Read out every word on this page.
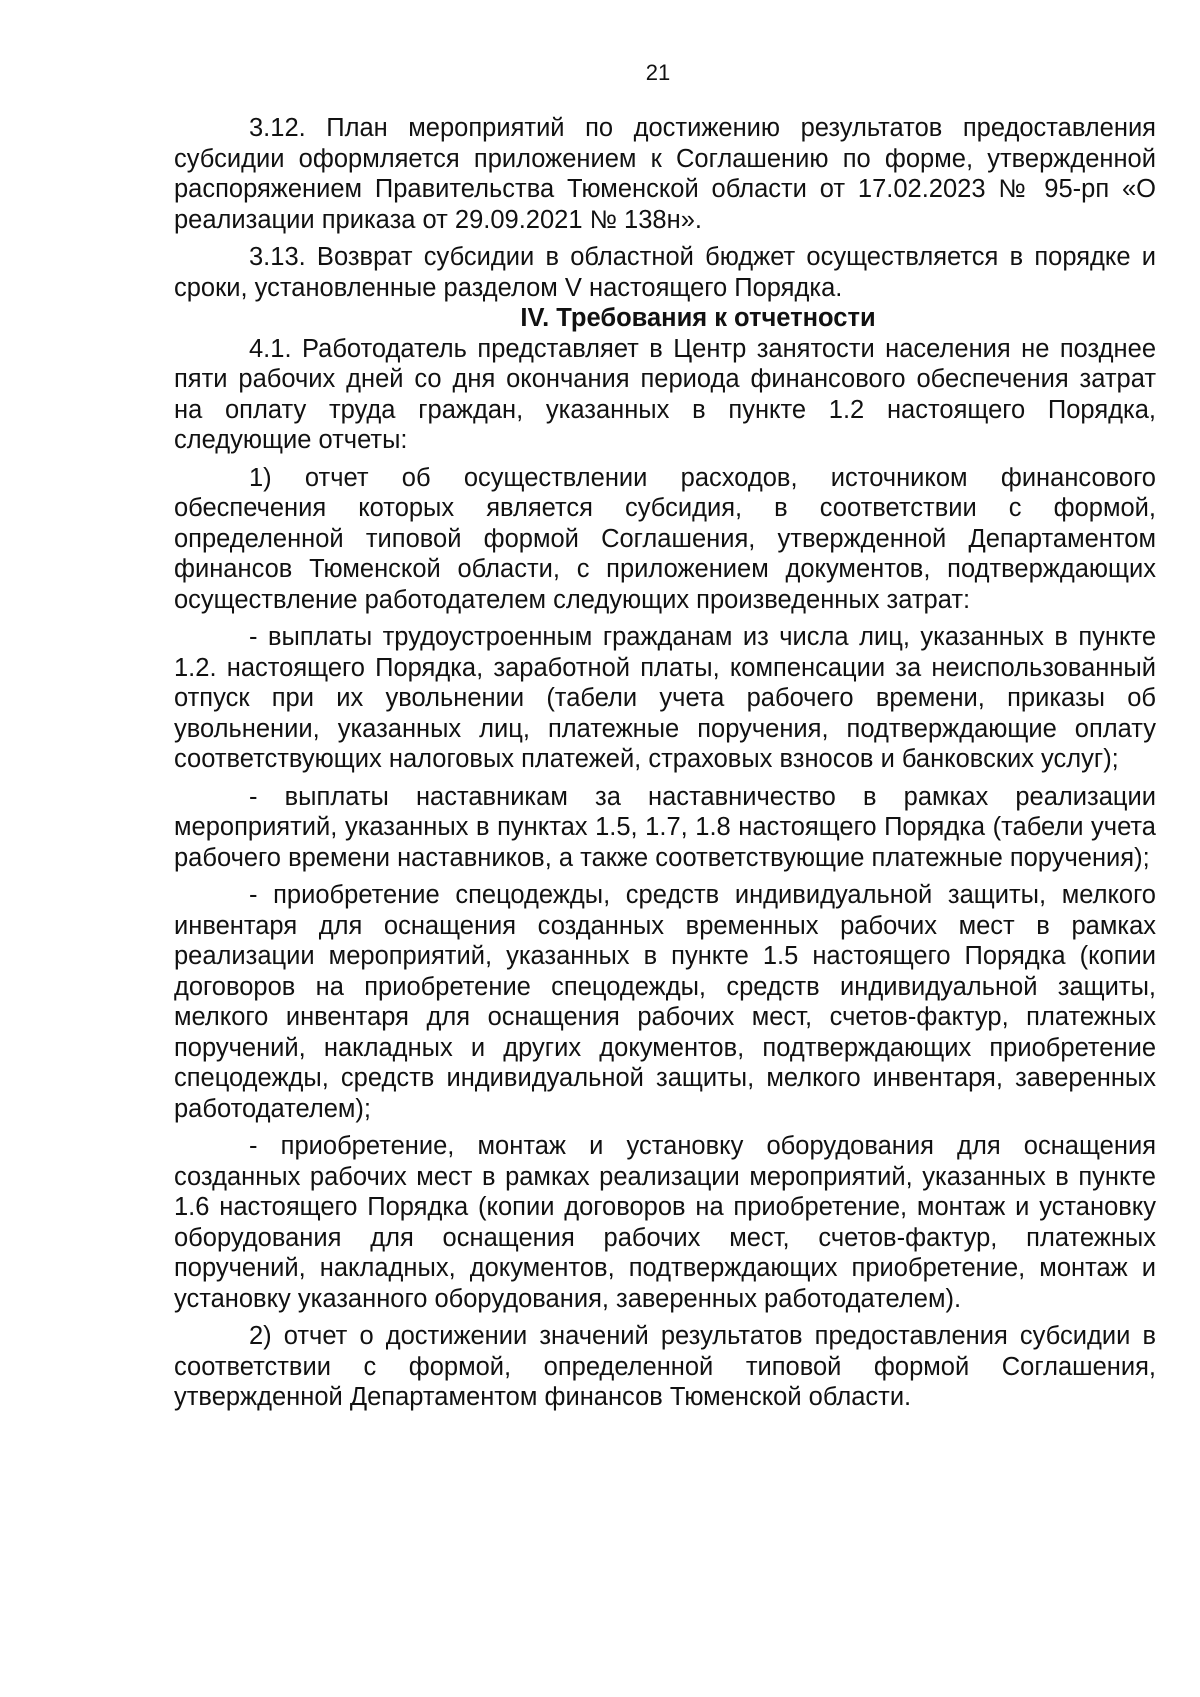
21

3.12. План мероприятий по достижению результатов предоставления субсидии оформляется приложением к Соглашению по форме, утвержденной распоряжением Правительства Тюменской области от 17.02.2023 № 95-рп «О реализации приказа от 29.09.2021 № 138н».

3.13. Возврат субсидии в областной бюджет осуществляется в порядке и сроки, установленные разделом V настоящего Порядка.

IV. Требования к отчетности

4.1. Работодатель представляет в Центр занятости населения не позднее пяти рабочих дней со дня окончания периода финансового обеспечения затрат на оплату труда граждан, указанных в пункте 1.2 настоящего Порядка, следующие отчеты:

1) отчет об осуществлении расходов, источником финансового обеспечения которых является субсидия, в соответствии с формой, определенной типовой формой Соглашения, утвержденной Департаментом финансов Тюменской области, с приложением документов, подтверждающих осуществление работодателем следующих произведенных затрат:

- выплаты трудоустроенным гражданам из числа лиц, указанных в пункте 1.2. настоящего Порядка, заработной платы, компенсации за неиспользованный отпуск при их увольнении (табели учета рабочего времени, приказы об увольнении, указанных лиц, платежные поручения, подтверждающие оплату соответствующих налоговых платежей, страховых взносов и банковских услуг);

- выплаты наставникам за наставничество в рамках реализации мероприятий, указанных в пунктах 1.5, 1.7, 1.8 настоящего Порядка (табели учета рабочего времени наставников, а также соответствующие платежные поручения);

- приобретение спецодежды, средств индивидуальной защиты, мелкого инвентаря для оснащения созданных временных рабочих мест в рамках реализации мероприятий, указанных в пункте 1.5 настоящего Порядка (копии договоров на приобретение спецодежды, средств индивидуальной защиты, мелкого инвентаря для оснащения рабочих мест, счетов-фактур, платежных поручений, накладных и других документов, подтверждающих приобретение спецодежды, средств индивидуальной защиты, мелкого инвентаря, заверенных работодателем);

- приобретение, монтаж и установку оборудования для оснащения созданных рабочих мест в рамках реализации мероприятий, указанных в пункте 1.6 настоящего Порядка (копии договоров на приобретение, монтаж и установку оборудования для оснащения рабочих мест, счетов-фактур, платежных поручений, накладных, документов, подтверждающих приобретение, монтаж и установку указанного оборудования, заверенных работодателем).

2) отчет о достижении значений результатов предоставления субсидии в соответствии с формой, определенной типовой формой Соглашения, утвержденной Департаментом финансов Тюменской области.
